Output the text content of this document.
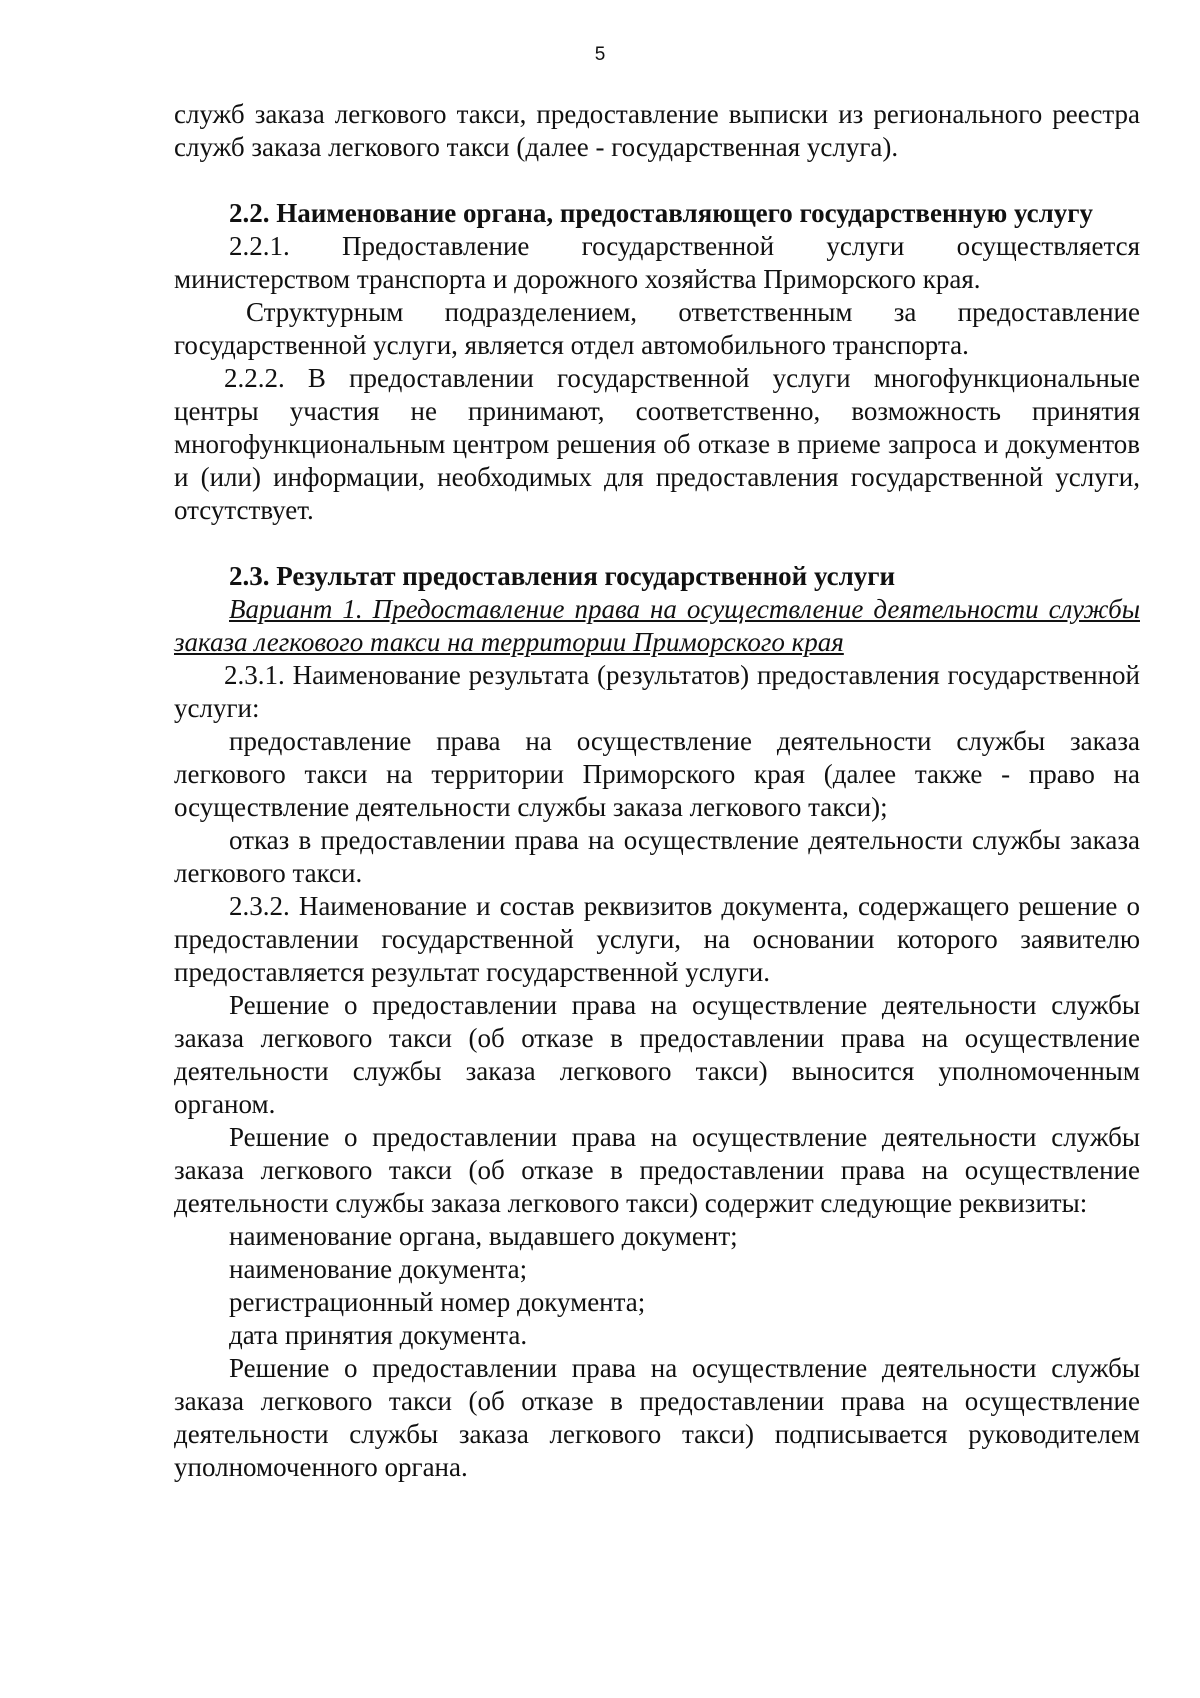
5

служб заказа легкового такси, предоставление выписки из регионального реестра служб заказа легкового такси (далее - государственная услуга).

2.2. Наименование органа, предоставляющего государственную услугу

2.2.1. Предоставление государственной услуги осуществляется министерством транспорта и дорожного хозяйства Приморского края.

Структурным подразделением, ответственным за предоставление государственной услуги, является отдел автомобильного транспорта.

2.2.2. В предоставлении государственной услуги многофункциональные центры участия не принимают, соответственно, возможность принятия многофункциональным центром решения об отказе в приеме запроса и документов и (или) информации, необходимых для предоставления государственной услуги, отсутствует.

2.3. Результат предоставления государственной услуги

Вариант 1. Предоставление права на осуществление деятельности службы заказа легкового такси на территории Приморского края

2.3.1. Наименование результата (результатов) предоставления государственной услуги:

предоставление права на осуществление деятельности службы заказа легкового такси на территории Приморского края (далее также - право на осуществление деятельности службы заказа легкового такси);

отказ в предоставлении права на осуществление деятельности службы заказа легкового такси.

2.3.2. Наименование и состав реквизитов документа, содержащего решение о предоставлении государственной услуги, на основании которого заявителю предоставляется результат государственной услуги.

Решение о предоставлении права на осуществление деятельности службы заказа легкового такси (об отказе в предоставлении права на осуществление деятельности службы заказа легкового такси) выносится уполномоченным органом.

Решение о предоставлении права на осуществление деятельности службы заказа легкового такси (об отказе в предоставлении права на осуществление деятельности службы заказа легкового такси) содержит следующие реквизиты:

наименование органа, выдавшего документ;

наименование документа;

регистрационный номер документа;

дата принятия документа.

Решение о предоставлении права на осуществление деятельности службы заказа легкового такси (об отказе в предоставлении права на осуществление деятельности службы заказа легкового такси) подписывается руководителем уполномоченного органа.
